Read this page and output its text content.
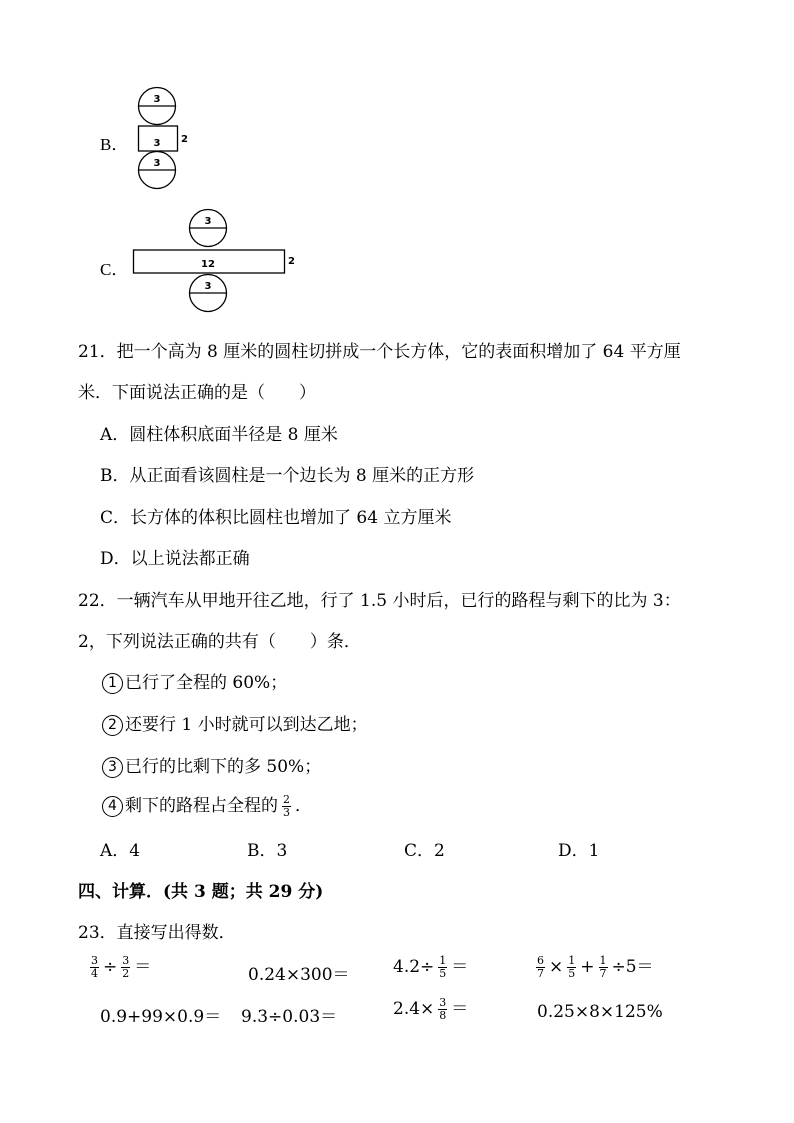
B．
3
3 2
3
C．
3
12	2
3
21．把一个高为 8 厘米的圆柱切拼成一个长方体，它的表面积增加了 64 平方厘
米．下面说法正确的是（　　）
A．圆柱体积底面半径是 8 厘米
B．从正面看该圆柱是一个边长为 8 厘米的正方形
C．长方体的体积比圆柱也增加了 64 立方厘米
D．以上说法都正确
22．一辆汽车从甲地开往乙地，行了 1.5 小时后，已行的路程与剩下的比为 3：
2，下列说法正确的共有（　　）条．
1 已行了全程的 60%；
2 还要行 1 小时就可以到达乙地；
3 已行的比剩下的多 50%；
4 剩下的路程占全程的 $\frac{2}{3}$ ．
A．4	B．3	C．2	D．1
四、计算．(共 3 题；共 29 分)
23．直接写出得数．
$\frac{3}{4} \div \frac{3}{2}$ ＝	0.24×300＝	$4.2\div \frac{1}{5}$ ＝	$\frac{6}{7} \times \frac{1}{5} + \frac{1}{7} \div 5=$
0.9+99×0.9＝ 9.3÷0.03＝	$2.4\times \frac{3}{8}$ ＝	0.25×8×125%
